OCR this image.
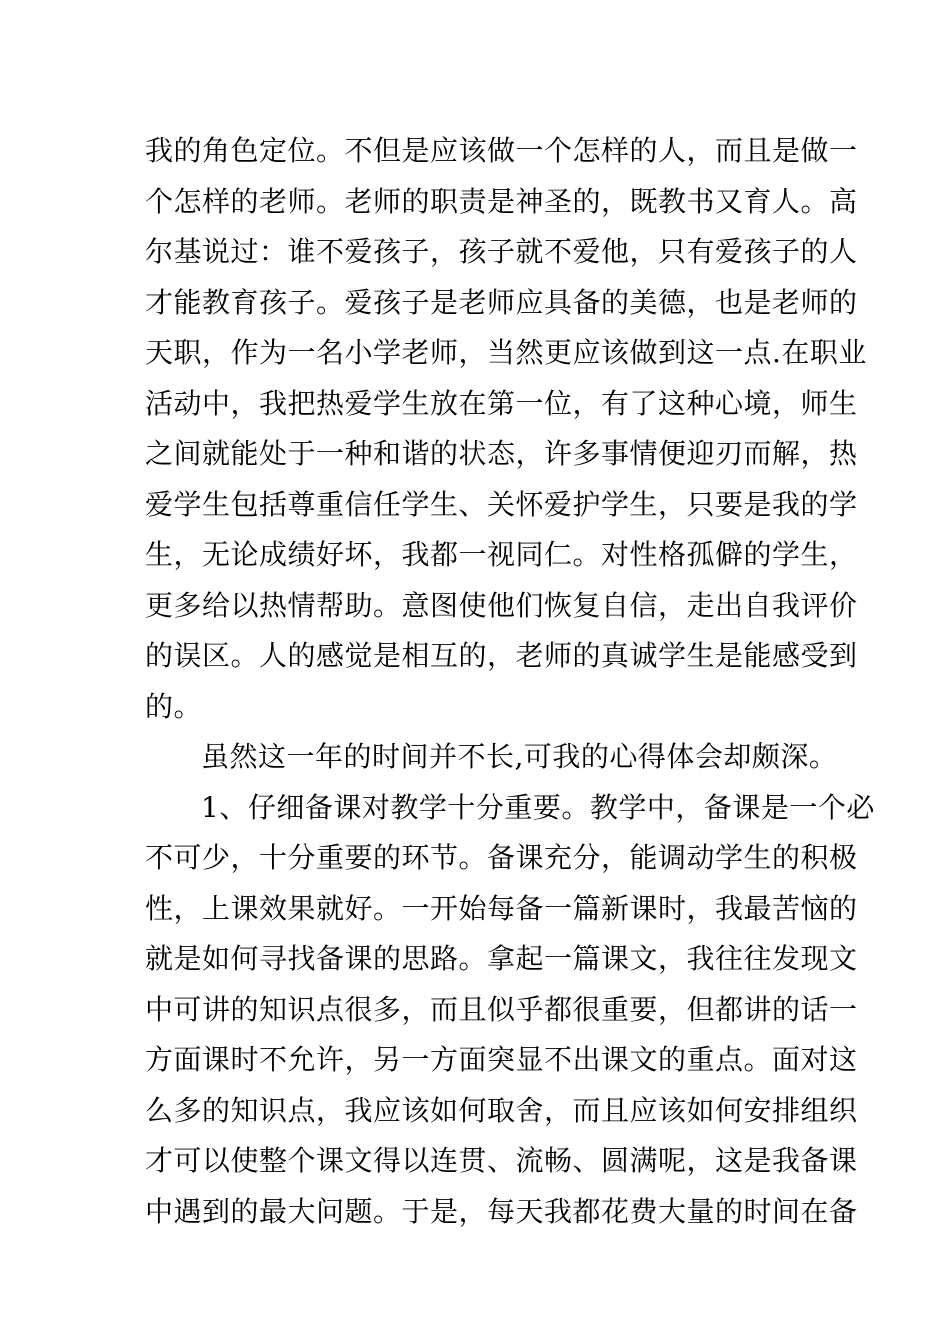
我的角色定位。不但是应该做一个怎样的人，而且是做一
个怎样的老师。老师的职责是神圣的，既教书又育人。高
尔基说过：谁不爱孩子，孩子就不爱他，只有爱孩子的人
才能教育孩子。爱孩子是老师应具备的美德，也是老师的
天职，作为一名小学老师，当然更应该做到这一点.在职业
活动中，我把热爱学生放在第一位，有了这种心境，师生
之间就能处于一种和谐的状态，许多事情便迎刃而解，热
爱学生包括尊重信任学生、关怀爱护学生，只要是我的学
生，无论成绩好坏，我都一视同仁。对性格孤僻的学生，
更多给以热情帮助。意图使他们恢复自信，走出自我评价
的误区。人的感觉是相互的，老师的真诚学生是能感受到
的。
虽然这一年的时间并不长,可我的心得体会却颇深。
1、仔细备课对教学十分重要。教学中，备课是一个必
不可少，十分重要的环节。备课充分，能调动学生的积极
性，上课效果就好。一开始每备一篇新课时，我最苦恼的
就是如何寻找备课的思路。拿起一篇课文，我往往发现文
中可讲的知识点很多，而且似乎都很重要，但都讲的话一
方面课时不允许，另一方面突显不出课文的重点。面对这
么多的知识点，我应该如何取舍，而且应该如何安排组织
才可以使整个课文得以连贯、流畅、圆满呢，这是我备课
中遇到的最大问题。于是，每天我都花费大量的时间在备
